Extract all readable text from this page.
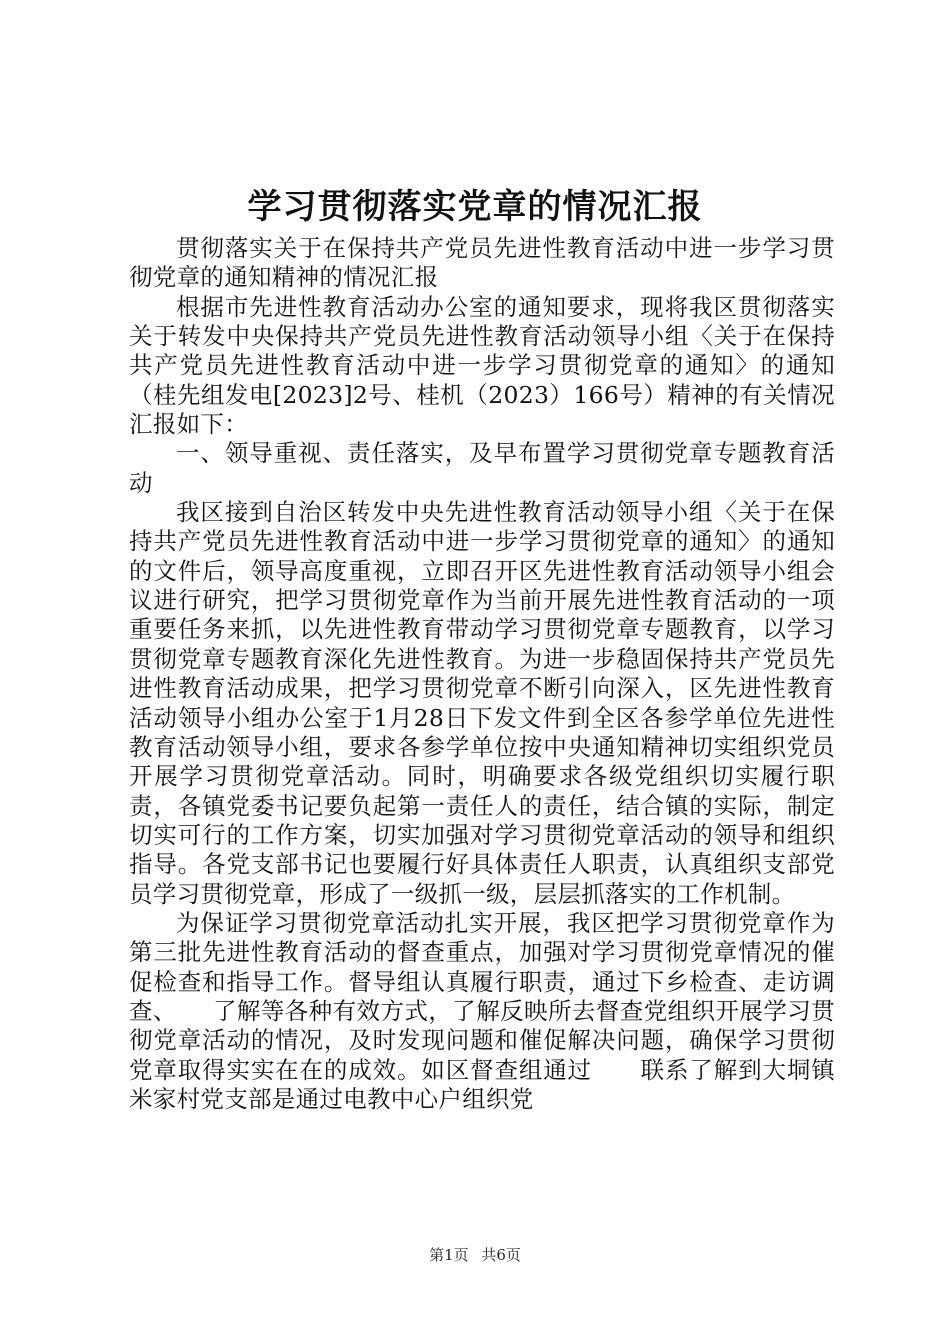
学习贯彻落实党章的情况汇报

贯彻落实关于在保持共产党员先进性教育活动中进一步学习贯彻党章的通知精神的情况汇报

根据市先进性教育活动办公室的通知要求，现将我区贯彻落实关于转发中央保持共产党员先进性教育活动领导小组〈关于在保持共产党员先进性教育活动中进一步学习贯彻党章的通知〉的通知（桂先组发电[2023]2号、桂机（2023）166号）精神的有关情况汇报如下：

一、领导重视、责任落实，及早布置学习贯彻党章专题教育活动

我区接到自治区转发中央先进性教育活动领导小组〈关于在保持共产党员先进性教育活动中进一步学习贯彻党章的通知〉的通知的文件后，领导高度重视，立即召开区先进性教育活动领导小组会议进行研究，把学习贯彻党章作为当前开展先进性教育活动的一项重要任务来抓，以先进性教育带动学习贯彻党章专题教育，以学习贯彻党章专题教育深化先进性教育。为进一步稳固保持共产党员先进性教育活动成果，把学习贯彻党章不断引向深入，区先进性教育活动领导小组办公室于1月28日下发文件到全区各参学单位先进性教育活动领导小组，要求各参学单位按中央通知精神切实组织党员开展学习贯彻党章活动。同时，明确要求各级党组织切实履行职责，各镇党委书记要负起第一责任人的责任，结合镇的实际，制定切实可行的工作方案，切实加强对学习贯彻党章活动的领导和组织指导。各党支部书记也要履行好具体责任人职责，认真组织支部党员学习贯彻党章，形成了一级抓一级，层层抓落实的工作机制。

为保证学习贯彻党章活动扎实开展，我区把学习贯彻党章作为第三批先进性教育活动的督查重点，加强对学习贯彻党章情况的催促检查和指导工作。督导组认真履行职责，通过下乡检查、走访调查、　　了解等各种有效方式，了解反映所去督查党组织开展学习贯彻党章活动的情况，及时发现问题和催促解决问题，确保学习贯彻党章取得实实在在的成效。如区督查组通过　　联系了解到大垌镇米家村党支部是通过电教中心户组织党

第1页 共6页
